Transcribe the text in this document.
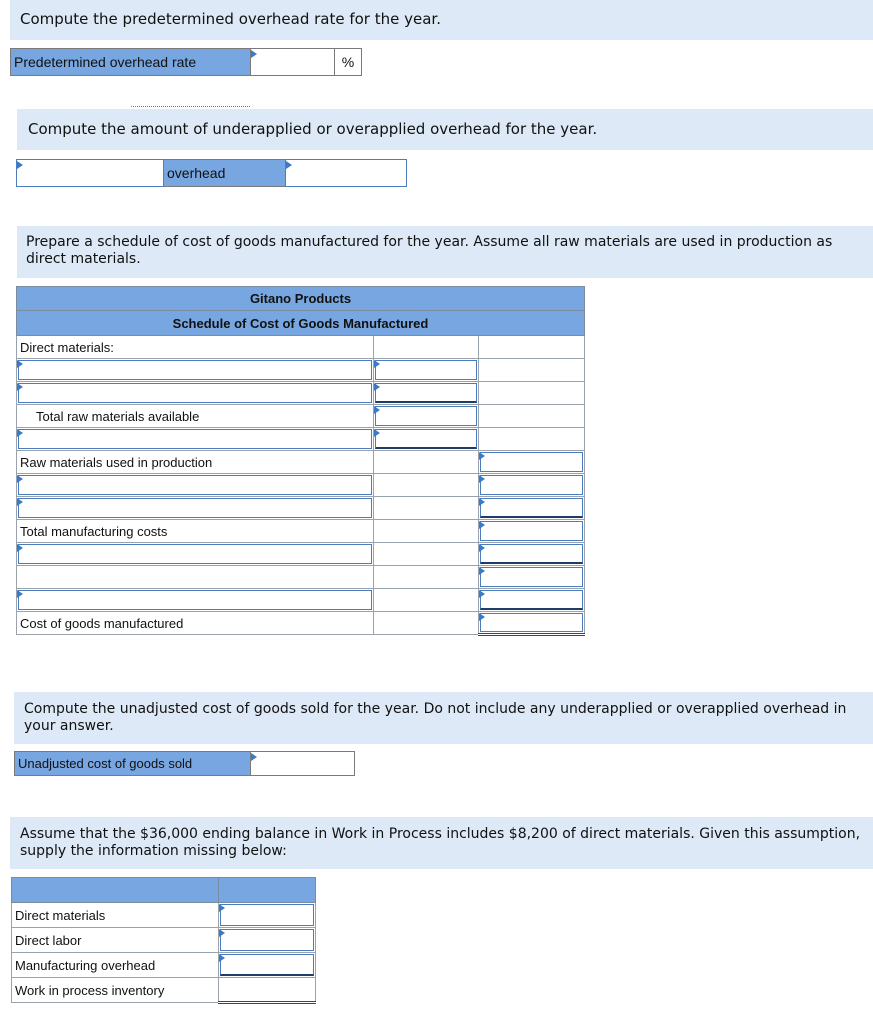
Compute the predetermined overhead rate for the year.
Predetermined overhead rate	%
Compute the amount of underapplied or overapplied overhead for the year.
overhead
Prepare a schedule of cost of goods manufactured for the year. Assume all raw materials are used in production as direct materials.
Gitano Products		
Schedule of Cost of Goods Manufactured		
Direct materials:		

Total raw materials available	

Raw materials used in production		

Total manufacturing costs		

Cost of goods manufactured		
Compute the unadjusted cost of goods sold for the year. Do not include any underapplied or overapplied overhead in your answer.
Unadjusted cost of goods sold
Assume that the $36,000 ending balance in Work in Process includes $8,200 of direct materials. Given this assumption, supply the information missing below:

Direct materials	

Direct labor	

Manufacturing overhead	

Work in process inventory	
